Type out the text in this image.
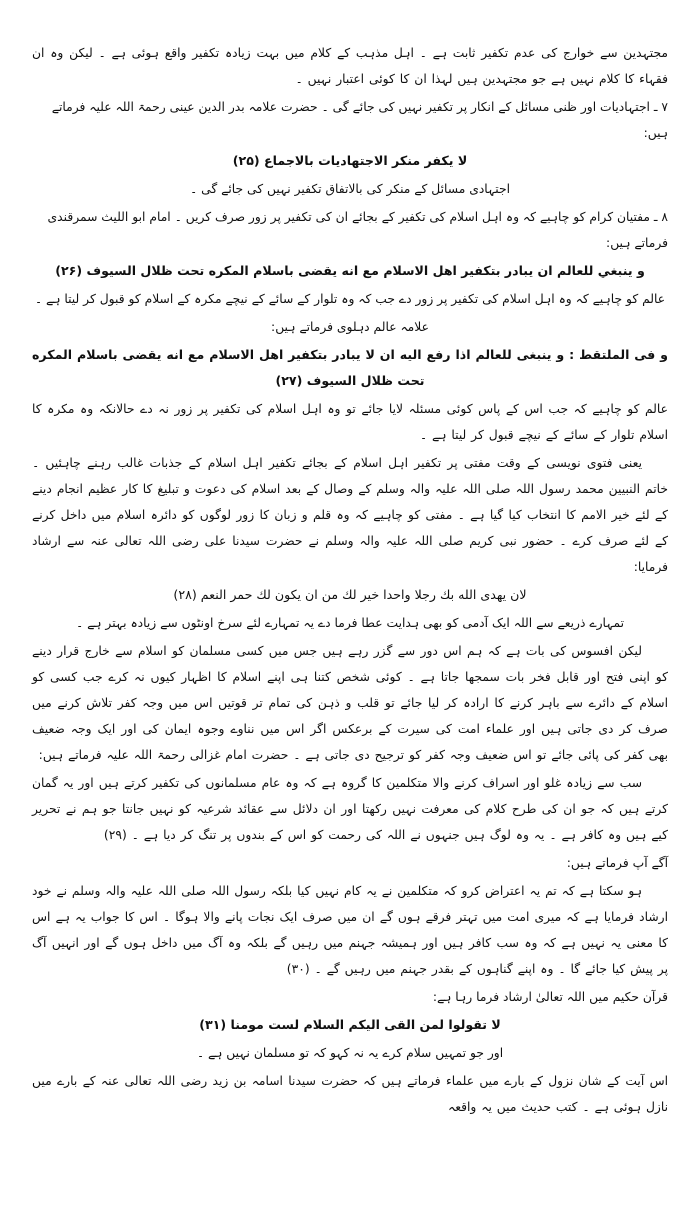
مجتہدین سے خوارج کی عدم تکفیر ثابت ہے ۔ اہل مذہب کے کلام میں بہت زیادہ تکفیر واقع ہوئی ہے ۔ لیکن وہ ان فقہاء کا کلام نہیں ہے جو مجتہدین ہیں لہذا ان کا کوئی اعتبار نہیں ۔

۷ ـ اجتہادیات اور ظنی مسائل کے انکار پر تکفیر نہیں کی جائے گی ۔ حضرت علامہ بدر الدین عینی رحمۃ اللہ علیہ فرماتے ہیں:

لا يكفر منكر الاجتهاديات بالاجماع (۲۵)

اجتہادی مسائل کے منکر کی بالاتفاق تکفیر نہیں کی جائے گی ۔

۸ ـ مفتیان کرام کو چاہیے کہ وہ اہل اسلام کی تکفیر کے بجائے ان کی تکفیر پر زور صرف کریں ۔ امام ابو اللیث سمرقندی فرماتے ہیں:

و ينبغي للعالم ان يبادر بتكفير اهل الاسلام مع انه يقضى باسلام المكره تحت ظلال السيوف (۲۶)

عالم کو چاہیے کہ وہ اہل اسلام کی تکفیر پر زور دے جب کہ وہ تلوار کے سائے کے نیچے مکرہ کے اسلام کو قبول کر لیتا ہے ۔

علامہ عالم دہلوی فرماتے ہیں:

و فى الملتقط : و ينبغى للعالم اذا رفع اليه ان لا يبادر بتكفير اهل الاسلام مع انه يقضى باسلام المكره تحت ظلال السيوف (۲۷)

عالم کو چاہیے کہ جب اس کے پاس کوئی مسئلہ لایا جائے تو وہ اہل اسلام کی تکفیر پر زور نہ دے حالانکہ وہ مکرہ کا اسلام تلوار کے سائے کے نیچے قبول کر لیتا ہے ۔

یعنی فتوی نویسی کے وقت مفتی پر تکفیر اہل اسلام کے بجائے تکفیر اہل اسلام کے جذبات غالب رہنے چاہئیں ۔ خاتم النبیین محمد رسول اللہ صلی اللہ علیہ والہ وسلم کے وصال کے بعد اسلام کی دعوت و تبلیغ کا کار عظیم انجام دینے کے لئے خیر الامم کا انتخاب کیا گیا ہے ۔ مفتی کو چاہیے کہ وہ قلم و زبان کا زور لوگوں کو دائرہ اسلام میں داخل کرنے کے لئے صرف کرے ۔ حضور نبی کریم صلی اللہ علیہ والہ وسلم نے حضرت سیدنا علی رضی اللہ تعالی عنہ سے ارشاد فرمایا:

لان يهدى الله بك رجلا واحدا خير لك من ان يكون لك حمر النعم (۲۸)

تمہارے ذریعے سے اللہ ایک آدمی کو بھی ہدایت عطا فرما دے یہ تمہارے لئے سرخ اونٹوں سے زیادہ بہتر ہے ۔

لیکن افسوس کی بات ہے کہ ہم اس دور سے گزر رہے ہیں جس میں کسی مسلمان کو اسلام سے خارج قرار دینے کو اپنی فتح اور قابل فخر بات سمجھا جاتا ہے ۔ کوئی شخص کتنا ہی اپنے اسلام کا اظہار کیوں نہ کرے جب کسی کو اسلام کے دائرے سے باہر کرنے کا ارادہ کر لیا جائے تو قلب و ذہن کی تمام تر قوتیں اس میں وجہ کفر تلاش کرنے میں صرف کر دی جاتی ہیں اور علماء امت کی سیرت کے برعکس اگر اس میں نناوے وجوہ ایمان کی اور ایک وجہ ضعیف بھی کفر کی پائی جائے تو اس ضعیف وجہ کفر کو ترجیح دی جاتی ہے ۔ حضرت امام غزالی رحمۃ اللہ علیہ فرماتے ہیں:

سب سے زیادہ غلو اور اسراف کرنے والا متکلمین کا گروہ ہے کہ وہ عام مسلمانوں کی تکفیر کرتے ہیں اور یہ گمان کرتے ہیں کہ جو ان کی طرح کلام کی معرفت نہیں رکھتا اور ان دلائل سے عقائد شرعیہ کو نہیں جانتا جو ہم نے تحریر کیے ہیں وہ کافر ہے ۔ یہ وہ لوگ ہیں جنہوں نے اللہ کی رحمت کو اس کے بندوں پر تنگ کر دیا ہے ۔ (۲۹)

آگے آپ فرماتے ہیں:

ہو سکتا ہے کہ تم یہ اعتراض کرو کہ متکلمین نے یہ کام نہیں کیا بلکہ رسول اللہ صلی اللہ علیہ والہ وسلم نے خود ارشاد فرمایا ہے کہ میری امت میں تہتر فرقے ہوں گے ان میں صرف ایک نجات پانے والا ہوگا ۔ اس کا جواب یہ ہے اس کا معنی یہ نہیں ہے کہ وہ سب کافر ہیں اور ہمیشہ جہنم میں رہیں گے بلکہ وہ آگ میں داخل ہوں گے اور انہیں آگ پر پیش کیا جائے گا ۔ وہ اپنے گناہوں کے بقدر جہنم میں رہیں گے ۔ (۳۰)

قرآن حکیم میں اللہ تعالیٰ ارشاد فرما رہا ہے:

لا تقولوا لمن القى اليكم السلام لست مومنا (۳۱)

اور جو تمہیں سلام کرے یہ نہ کہو کہ تو مسلمان نہیں ہے ۔

اس آیت کے شان نزول کے بارے میں علماء فرماتے ہیں کہ حضرت سیدنا اسامہ بن زید رضی اللہ تعالی عنہ کے بارے میں نازل ہوئی ہے ۔ کتب حدیث میں یہ واقعہ
